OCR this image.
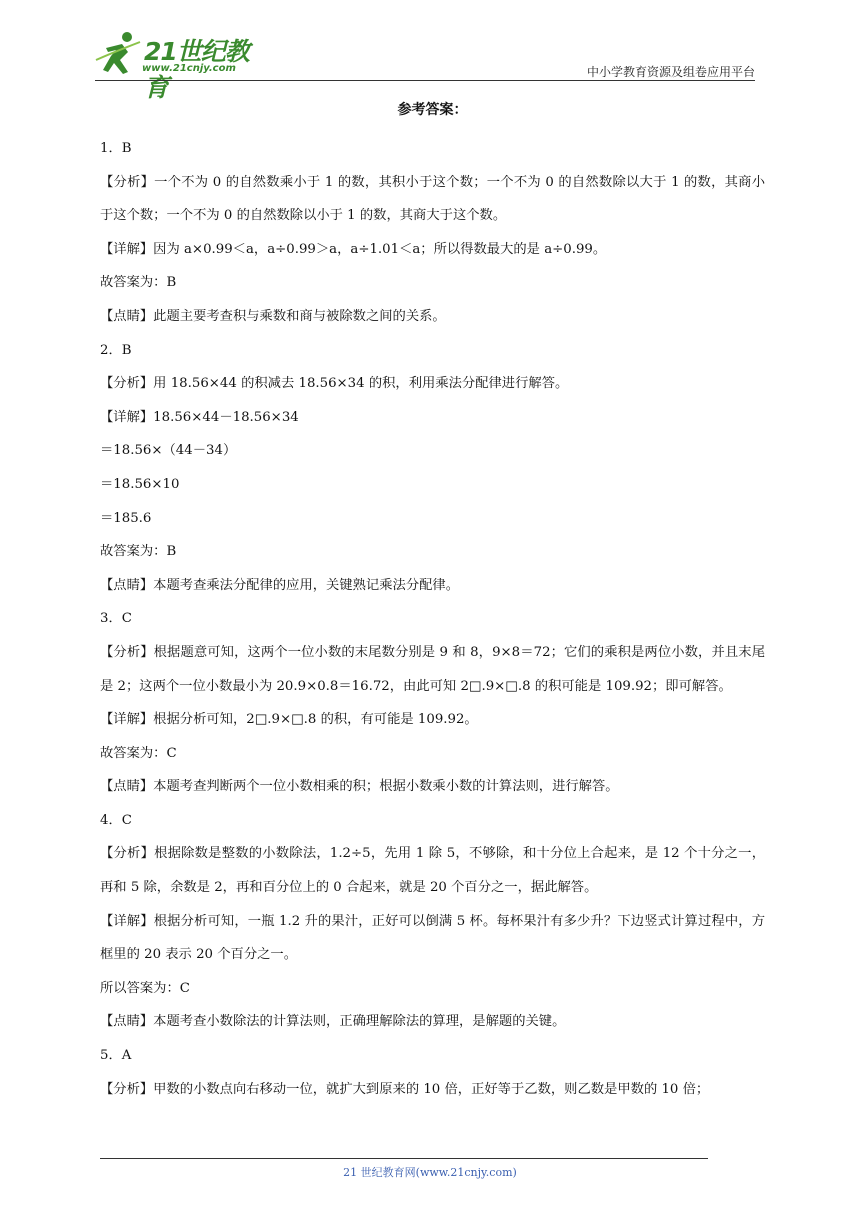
21世纪教育
www.21cnjy.com	中小学教育资源及组卷应用平台
参考答案：
1．B
【分析】一个不为 0 的自然数乘小于 1 的数，其积小于这个数；一个不为 0 的自然数除以大于 1 的数，其商小于这个数；一个不为 0 的自然数除以小于 1 的数，其商大于这个数。
【详解】因为 a×0.99＜a，a÷0.99＞a，a÷1.01＜a；所以得数最大的是 a÷0.99。
故答案为：B
【点睛】此题主要考查积与乘数和商与被除数之间的关系。
2．B
【分析】用 18.56×44 的积减去 18.56×34 的积，利用乘法分配律进行解答。
【详解】18.56×44－18.56×34
＝18.56×（44－34）
＝18.56×10
＝185.6
故答案为：B
【点睛】本题考查乘法分配律的应用，关键熟记乘法分配律。
3．C
【分析】根据题意可知，这两个一位小数的末尾数分别是 9 和 8，9×8＝72；它们的乘积是两位小数，并且末尾是 2；这两个一位小数最小为 20.9×0.8＝16.72，由此可知 2□.9×□.8 的积可能是 109.92；即可解答。
【详解】根据分析可知，2□.9×□.8 的积，有可能是 109.92。
故答案为：C
【点睛】本题考查判断两个一位小数相乘的积；根据小数乘小数的计算法则，进行解答。
4．C
【分析】根据除数是整数的小数除法，1.2÷5，先用 1 除 5，不够除，和十分位上合起来，是 12 个十分之一，再和 5 除，余数是 2，再和百分位上的 0 合起来，就是 20 个百分之一，据此解答。
【详解】根据分析可知，一瓶 1.2 升的果汁，正好可以倒满 5 杯。每杯果汁有多少升？下边竖式计算过程中，方框里的 20 表示 20 个百分之一。
所以答案为：C
【点睛】本题考查小数除法的计算法则，正确理解除法的算理，是解题的关键。
5．A
【分析】甲数的小数点向右移动一位，就扩大到原来的 10 倍，正好等于乙数，则乙数是甲数的 10 倍；
21 世纪教育网(www.21cnjy.com)
